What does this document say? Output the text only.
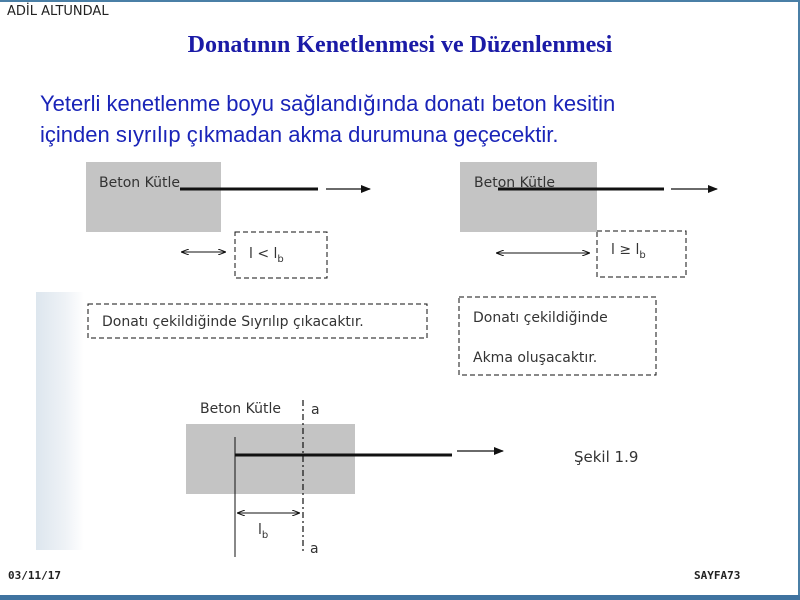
ADİL ALTUNDAL
Donatının Kenetlenmesi ve Düzenlenmesi
Yeterli kenetlenme boyu sağlandığında donatı beton kesitin
içinden sıyrılıp çıkmadan akma durumuna geçecektir.
Beton Kütle
$l < l_b$
Donatı çekildiğinde Sıyrılıp çıkacaktır.
Beton Kütle
$l \ge l_b$
Donatı çekildiğinde
Akma oluşacaktır.
Beton Kütle a
$l_b$
a
Şekil 1.9
03/11/17	SAYFA73
